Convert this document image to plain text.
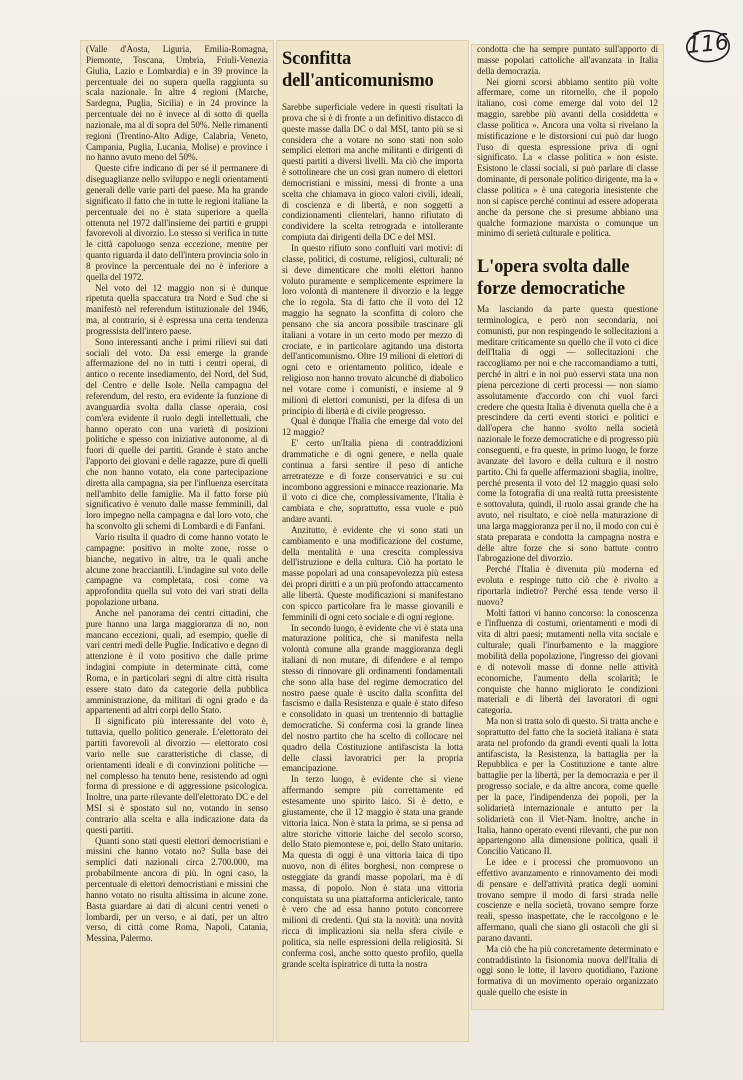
116

(Valle d'Aosta, Liguria, Emilia-Romagna, Piemonte, Toscana, Umbria, Friuli-Venezia Giulia, Lazio e Lombardia) e in 39 province la percentuale dei no supera quella raggiunta su scala nazionale. In altre 4 regioni (Marche, Sardegna, Puglia, Sicilia) e in 24 province la percentuale dei no è invece al di sotto di quella nazionale, ma al di sopra del 50%. Nelle rimanenti regioni (Trentino-Alto Adige, Calabria, Veneto, Campania, Puglia, Lucania, Molise) e province i no hanno avuto meno del 50%.

Queste cifre indicano di per sé il permanere di diseguaglianze nello sviluppo e negli orientamenti generali delle varie parti del paese. Ma ha grande significato il fatto che in tutte le regioni italiane la percentuale dei no è stata superiore a quella ottenuta nel 1972 dall'insieme dei partiti e gruppi favorevoli al divorzio. Lo stesso si verifica in tutte le città capoluogo senza eccezione, mentre per quanto riguarda il dato dell'intera provincia solo in 8 province la percentuale dei no è inferiore a quella del 1972.

Nel voto del 12 maggio non si è dunque ripetuta quella spaccatura tra Nord e Sud che si manifestò nel referendum istituzionale del 1946, ma, al contrario, si è espressa una certa tendenza progressista dell'intero paese.

Sono interessanti anche i primi rilievi sui dati sociali del voto. Da essi emerge la grande affermazione del no in tutti i centri operai, di antico o recente insediamento, del Nord, del Sud, del Centro e delle Isole. Nella campagna del referendum, del resto, era evidente la funzione di avanguardia svolta dalla classe operaia, così com'era evidente il ruolo degli intellettuali, che hanno operato con una varietà di posizioni politiche e spesso con iniziative autonome, al di fuori di quelle dei partiti. Grande è stato anche l'apporto dei giovani e delle ragazze, pure di quelli che non hanno votato, ela cone partecipazione diretta alla campagna, sia per l'influenza esercitata nell'ambito delle famiglie. Ma il fatto forse più significativo è venuto dalle masse femminili, dal loro impegno nella campagna e dal loro voto, che ha sconvolto gli schemi di Lombardi e di Fanfani.

Vario risulta il quadro di come hanno votato le campagne: positivo in molte zone, rosse o bianche, negativo in altre, tra le quali anche alcune zone bracciantili. L'indagine sul voto delle campagne va completata, così come va approfondita quella sul voto dei vari strati della popolazione urbana.

Anche nel panorama dei centri cittadini, che pure hanno una larga maggioranza di no, non mancano eccezioni, quali, ad esempio, quelle di vari centri medi delle Puglie. Indicativo e degno di attenzione è il voto positivo che dalle prime indagini compiute in determinate città, come Roma, e in particolari segni di altre città risulta essere stato dato da categorie della pubblica amministrazione, da militari di ogni grado e da appartenenti ad altri corpi dello Stato.

Il significato più interessante del voto è, tuttavia, quello politico generale. L'elettorato dei partiti favorevoli al divorzio — elettorato così vario nelle sue caratteristiche di classe, di orientamenti ideali e di convinzioni politiche — nel complesso ha tenuto bene, resistendo ad ogni forma di pressione e di aggressione psicologica. Inoltre, una parte rilevante dell'elettorato DC e del MSI si è spostato sul no, votando in senso contrario alla scelta e alla indicazione data da questi partiti.

Quanti sono stati questi elettori democristiani e missini che hanno votato no? Sulla base dei semplici dati nazionali circa 2.700.000, ma probabilmente ancora di più. In ogni caso, la percentuale di elettori democristiani e missini che hanno votato no risulta altissima in alcune zone. Basta guardare ai dati di alcuni centri veneti o lombardi, per un verso, e ai dati, per un altro verso, di città come Roma, Napoli, Catania, Messina, Palermo.

Sconfitta dell'anticomunismo

Sarebbe superficiale vedere in questi risultati la prova che si è di fronte a un definitivo distacco di queste masse dalla DC o dal MSI, tanto più se si considera che a votare no sono stati non solo semplici elettori ma anche militanti e dirigenti di questi partiti a diversi livelli. Ma ciò che importa è sottolineare che un così gran numero di elettori democristiani e missini, messi di fronte a una scelta che chiamava in gioco valori civili, ideali, di coscienza e di libertà, e non soggetti a condizionamenti clientelari, hanno rifiutato di condividere la scelta retrograda e intollerante compiuta dai dirigenti della DC e del MSI.

In questo rifiuto sono confluiti vari motivi: di classe, politici, di costume, religiosi, culturali; né si deve dimenticare che molti elettori hanno voluto puramente e semplicemente esprimere la loro volontà di mantenere il divorzio e la legge che lo regola. Sta di fatto che il voto del 12 maggio ha segnato la sconfitta di coloro che pensano che sia ancora possibile trascinare gli italiani a votare in un certo modo per mezzo di crociate, e in particolare agitando una distorta dell'anticomunismo. Oltre 19 milioni di elettori di ogni ceto e orientamento politico, ideale e religioso non hanno trovato alcunché di diabolico nel votare come i comunisti, e insieme al 9 milioni di elettori comunisti, per la difesa di un principio di libertà e di civile progresso.

Qual è dunque l'Italia che emerge dal voto del 12 maggio?

E' certo un'Italia piena di contraddizioni drammatiche e di ogni genere, e nella quale continua a farsi sentire il peso di antiche arretratezze e di forze conservatrici e su cui incombono aggressioni e minacce reazionarie. Ma il voto ci dice che, complessivamente, l'Italia è cambiata e che, soprattutto, essa vuole e può andare avanti.

Anzitutto, è evidente che vi sono stati un cambiamento e una modificazione del costume, della mentalità e una crescita complessiva dell'istruzione e della cultura. Ciò ha portato le masse popolari ad una consapevolezza più estesa dei propri diritti e a un più profondo attaccamento alle libertà. Queste modificazioni si manifestano con spicco particolare fra le masse giovanili e femminili di ogni ceto sociale e di ogni regione.

In secondo luogo, è evidente che vi è stata una maturazione politica, che si manifesta nella volontà comune alla grande maggioranza degli italiani di non mutare, di difendere e al tempo stesso di rinnovare gli ordinamenti fondamentali che sono alla base del regime democratico del nostro paese quale è uscito dalla sconfitta del fascismo e dalla Resistenza e quale è stato difeso e consolidato in quasi un trentennio di battaglie democratiche. Si conferma così la grande linea del nostro partito che ha scelto di collocare nel quadro della Costituzione antifascista la lotta delle classi lavoratrici per la propria emancipazione.

In terzo luogo, è evidente che si viene affermando sempre più correttamente ed estesamente uno spirito laico. Si è detto, e giustamente, che il 12 maggio è stata una grande vittoria laica. Non è stata la prima, se si pensa ad altre storiche vittorie laiche del secolo scorso, dello Stato piemontese e, poi, dello Stato unitario. Ma questa di oggi è una vittoria laica di tipo nuovo, non di élites borghesi, non comprese o osteggiate da grandi masse popolari, ma è di massa, di popolo. Non è stata una vittoria conquistata su una piattaforma anticlericale, tanto è vero che ad essa hanno potuto concorrere milioni di credenti. Qui sta la novità: una novità ricca di implicazioni sia nella sfera civile e politica, sia nelle espressioni della religiosità. Si conferma così, anche sotto questo profilo, quella grande scelta ispiratrice di tutta la nostra

condotta che ha sempre puntato sull'apporto di masse popolari cattoliche all'avanzata in Italia della democrazia.

Nei giorni scorsi abbiamo sentito più volte affermare, come un ritornello, che il popolo italiano, così come emerge dal voto del 12 maggio, sarebbe più avanti della cosiddetta « classe politica ». Ancora una volta si rivelano la mistificazione e le distorsioni cui può dar luogo l'uso di questa espressione priva di ogni significato. La « classe politica » non esiste. Esistono le classi sociali, si può parlare di classe dominante, di personale politico dirigente, ma la « classe politica » è una categoria inesistente che non si capisce perché continui ad essere adoperata anche da persone che si presume abbiano una qualche formazione marxista o comunque un minimo di serietà culturale e politica.

L'opera svolta dalle forze democratiche

Ma lasciando da parte questa questione terminologica, e però non secondaria, noi comunisti, pur non respingendo le sollecitazioni a meditare criticamente su quello che il voto ci dice dell'Italia di oggi — sollecitazioni che raccogliamo per noi e che raccomandiamo a tutti, perché in altri e in noi può esservi stata una non piena percezione di certi processi — non siamo assolutamente d'accordo con chi vuol farci credere che questa Italia è divenuta quella che è a prescindere da certi eventi storici e politici e dall'opera che hanno svolto nella società nazionale le forze democratiche e di progresso più conseguenti, e fra queste, in primo luogo, le forze avanzate del lavoro e della cultura e il nostro partito. Chi fa quelle affermazioni sbaglia, inoltre, perché presenta il voto del 12 maggio quasi solo come la fotografia di una realtà tutta preesistente e sottovaluta, quindi, il ruolo assai grande che ha avuto, nel risultato, e cioè nella maturazione di una larga maggioranza per il no, il modo con cui è stata preparata e condotta la campagna nostra e delle altre forze che si sono battute contro l'abrogazione del divorzio.

Perché l'Italia è divenuta più moderna ed evoluta e respinge tutto ciò che è rivolto a riportarla indietro? Perché essa tende verso il nuovo?

Molti fattori vi hanno concorso: la conoscenza e l'influenza di costumi, orientamenti e modi di vita di altri paesi; mutamenti nella vita sociale e culturale; quali l'inurbamento e la maggiore mobilità della popolazione, l'ingresso dei giovani e di notevoli masse di donne nelle attività economiche, l'aumento della scolarità; le conquiste che hanno migliorato le condizioni materiali e di libertà dei lavoratori di ogni categoria.

Ma non si tratta solo di questo. Si tratta anche e soprattutto del fatto che la società italiana è stata arata nel profondo da grandi eventi quali la lotta antifascista, la Resistenza, la battaglia per la Repubblica e per la Costituzione e tante altre battaglie per la libertà, per la democrazia e per il progresso sociale, e da altre ancora, come quelle per la pace, l'indipendenza dei popoli, per la solidarietà internazionale e antutto per la solidarietà con il Viet-Nam. Inoltre, anche in Italia, hanno operato eventi rilevanti, che pur non appartengono alla dimensione politica, quali il Concilio Vaticano II.

Le idee e i processi che promuovono un effettivo avanzamento e rinnovamento dei modi di pensare e dell'attività pratica degli uomini trovano sempre il modo di farsi strada nelle coscienze e nella società, trovano sempre forze reali, spesso inaspettate, che le raccolgono e le affermano, quali che siano gli ostacoli che gli si parano davanti.

Ma ciò che ha più concretamente determinato e contraddistinto la fisionomia nuova dell'Italia di oggi sono le lotte, il lavoro quotidiano, l'azione formativa di un movimento operaio organizzato quale quello che esiste in
